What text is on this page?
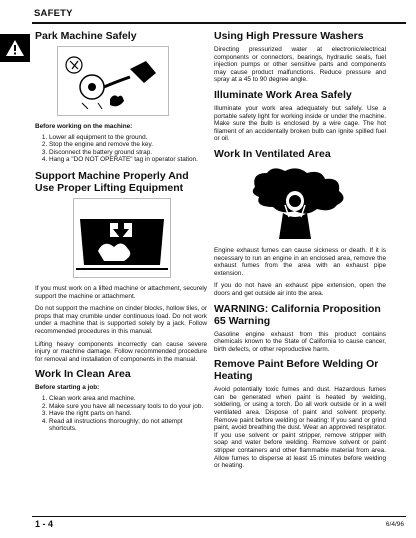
SAFETY
Park Machine Safely
Before working on the machine:
1. Lower all equipment to the ground.
2. Stop the engine and remove the key.
3. Disconnect the battery ground strap.
4. Hang a "DO NOT OPERATE" tag in operator station.
Support Machine Properly And Use Proper Lifting Equipment

If you must work on a lifted machine or attachment, securely support the machine or attachment.

Do not support the machine on cinder blocks, hollow tiles, or props that may crumble under continuous load. Do not work under a machine that is supported solely by a jack. Follow recommended procedures in this manual.

Lifting heavy components incorrectly can cause severe injury or machine damage. Follow recommended procedure for removal and installation of components in the manual.

Work In Clean Area
Before starting a job:
1. Clean work area and machine.
2. Make sure you have all necessary tools to do your job.
3. Have the right parts on hand.
4. Read all instructions thoroughly; do not attempt shortcuts.
Using High Pressure Washers

Directing pressurized water at electronic/electrical components or connectors, bearings, hydraulic seals, fuel injection pumps or other sensitive parts and components may cause product malfunctions. Reduce pressure and spray at a 45 to 90 degree angle.

Illuminate Work Area Safely

Illuminate your work area adequately but safely. Use a portable safety light for working inside or under the machine. Make sure the bulb is enclosed by a wire cage. The hot filament of an accidentally broken bulb can ignite spilled fuel or oil.

Work In Ventilated Area

Engine exhaust fumes can cause sickness or death. If it is necessary to run an engine in an enclosed area, remove the exhaust fumes from the area with an exhaust pipe extension.

If you do not have an exhaust pipe extension, open the doors and get outside air into the area.

WARNING: California Proposition 65 Warning

Gasoline engine exhaust from this product contains chemicals known to the State of California to cause cancer, birth defects, or other reproductive harm.

Remove Paint Before Welding Or Heating

Avoid potentially toxic fumes and dust. Hazardous fumes can be generated when paint is heated by welding, soldering, or using a torch. Do all work outside or in a well ventilated area. Dispose of paint and solvent properly. Remove paint before welding or heating: If you sand or grind paint, avoid breathing the dust. Wear an approved respirator. If you use solvent or paint stripper, remove stripper with soap and water before welding. Remove solvent or paint stripper containers and other flammable material from area. Allow fumes to disperse at least 15 minutes before welding or heating.

1 - 4	6/4/96
